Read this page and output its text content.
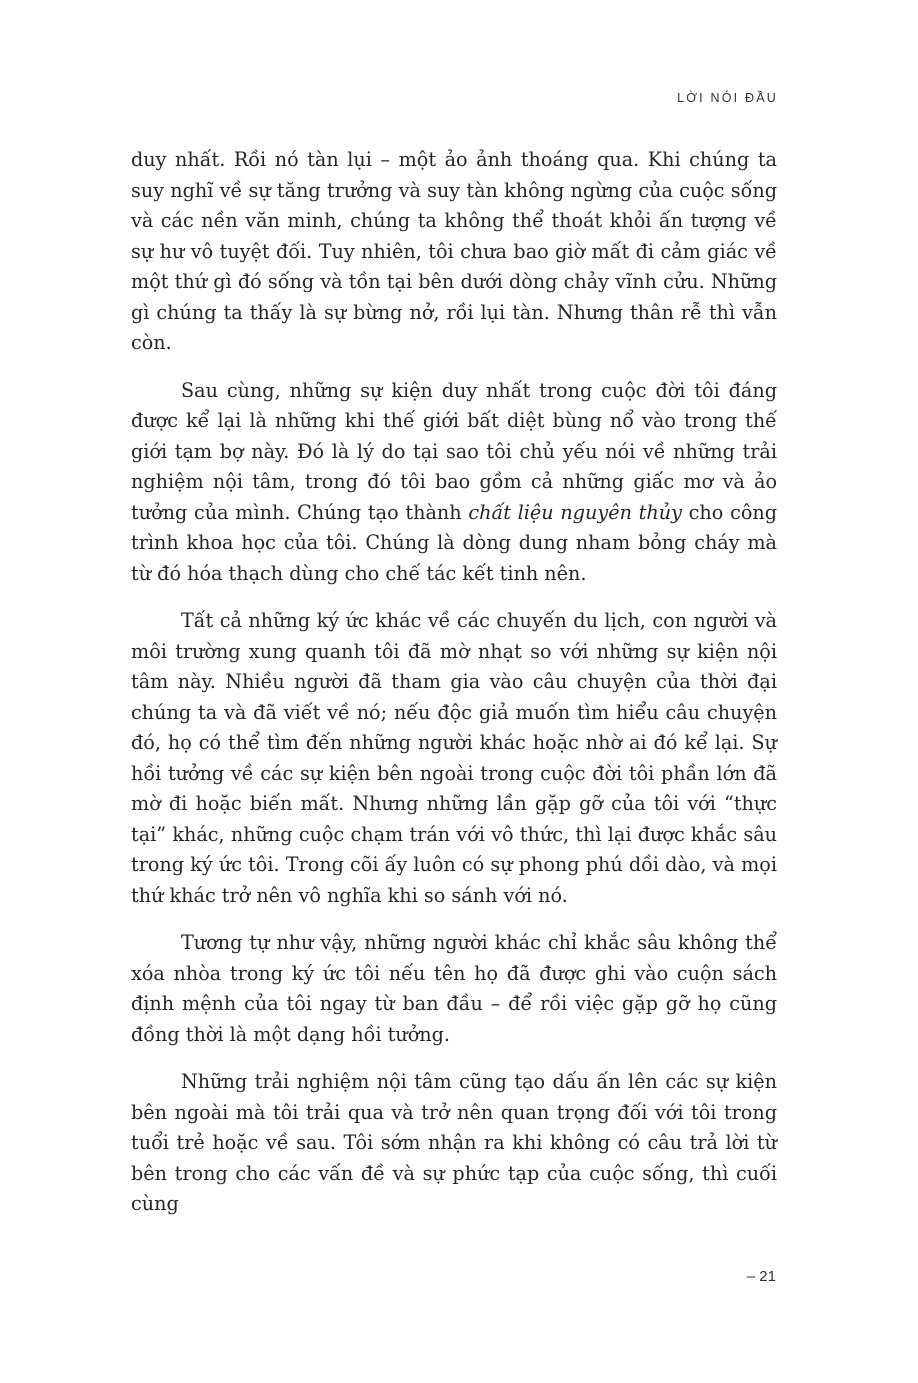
LỜI NÓI ĐẦU

duy nhất. Rồi nó tàn lụi – một ảo ảnh thoáng qua. Khi chúng ta suy nghĩ về sự tăng trưởng và suy tàn không ngừng của cuộc sống và các nền văn minh, chúng ta không thể thoát khỏi ấn tượng về sự hư vô tuyệt đối. Tuy nhiên, tôi chưa bao giờ mất đi cảm giác về một thứ gì đó sống và tồn tại bên dưới dòng chảy vĩnh cửu. Những gì chúng ta thấy là sự bừng nở, rồi lụi tàn. Nhưng thân rễ thì vẫn còn.

Sau cùng, những sự kiện duy nhất trong cuộc đời tôi đáng được kể lại là những khi thế giới bất diệt bùng nổ vào trong thế giới tạm bợ này. Đó là lý do tại sao tôi chủ yếu nói về những trải nghiệm nội tâm, trong đó tôi bao gồm cả những giấc mơ và ảo tưởng của mình. Chúng tạo thành chất liệu nguyên thủy cho công trình khoa học của tôi. Chúng là dòng dung nham bỏng cháy mà từ đó hóa thạch dùng cho chế tác kết tinh nên.

Tất cả những ký ức khác về các chuyến du lịch, con người và môi trường xung quanh tôi đã mờ nhạt so với những sự kiện nội tâm này. Nhiều người đã tham gia vào câu chuyện của thời đại chúng ta và đã viết về nó; nếu độc giả muốn tìm hiểu câu chuyện đó, họ có thể tìm đến những người khác hoặc nhờ ai đó kể lại. Sự hồi tưởng về các sự kiện bên ngoài trong cuộc đời tôi phần lớn đã mờ đi hoặc biến mất. Nhưng những lần gặp gỡ của tôi với “thực tại” khác, những cuộc chạm trán với vô thức, thì lại được khắc sâu trong ký ức tôi. Trong cõi ấy luôn có sự phong phú dồi dào, và mọi thứ khác trở nên vô nghĩa khi so sánh với nó.

Tương tự như vậy, những người khác chỉ khắc sâu không thể xóa nhòa trong ký ức tôi nếu tên họ đã được ghi vào cuộn sách định mệnh của tôi ngay từ ban đầu – để rồi việc gặp gỡ họ cũng đồng thời là một dạng hồi tưởng.

Những trải nghiệm nội tâm cũng tạo dấu ấn lên các sự kiện bên ngoài mà tôi trải qua và trở nên quan trọng đối với tôi trong tuổi trẻ hoặc về sau. Tôi sớm nhận ra khi không có câu trả lời từ bên trong cho các vấn đề và sự phức tạp của cuộc sống, thì cuối cùng

– 21
